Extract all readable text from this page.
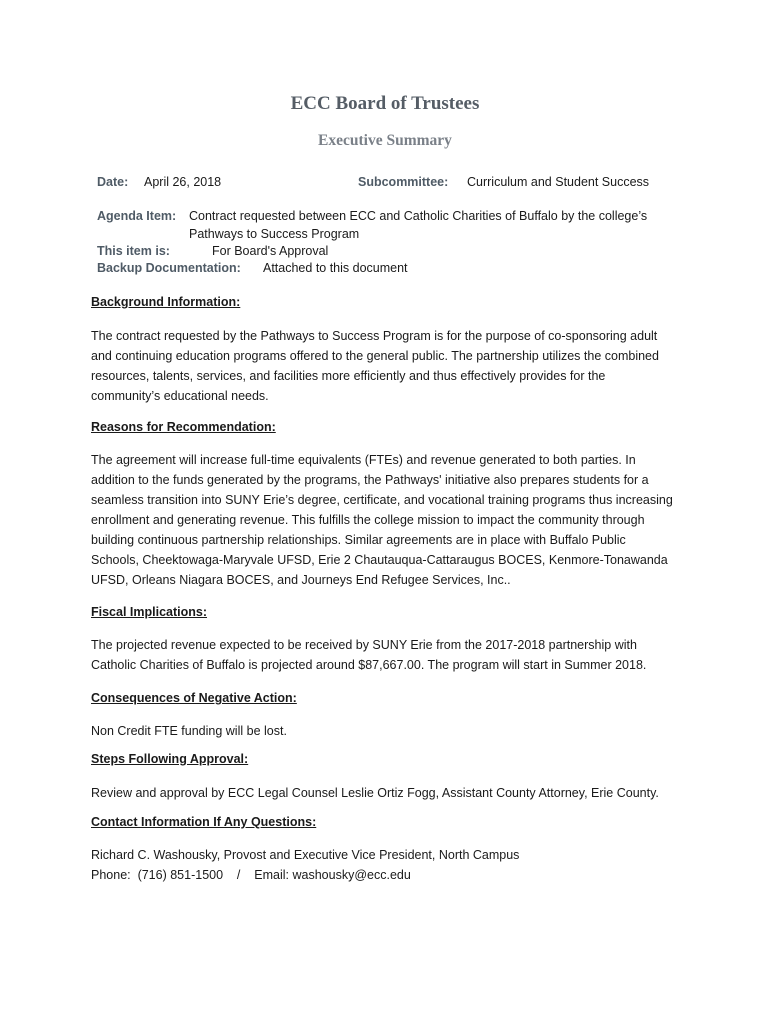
ECC Board of Trustees
Executive Summary
Date: April 26, 2018	Subcommittee: Curriculum and Student Success
Agenda Item: Contract requested between ECC and Catholic Charities of Buffalo by the college’s
Pathways to Success Program
This item is:	For Board's Approval
Backup Documentation: Attached to this document
Background Information:
The contract requested by the Pathways to Success Program is for the purpose of co-sponsoring adult
and continuing education programs offered to the general public. The partnership utilizes the combined
resources, talents, services, and facilities more efficiently and thus effectively provides for the
community’s educational needs.
Reasons for Recommendation:
The agreement will increase full-time equivalents (FTEs) and revenue generated to both parties. In
addition to the funds generated by the programs, the Pathways' initiative also prepares students for a
seamless transition into SUNY Erie’s degree, certificate, and vocational training programs thus increasing
enrollment and generating revenue. This fulfills the college mission to impact the community through
building continuous partnership relationships. Similar agreements are in place with Buffalo Public
Schools, Cheektowaga-Maryvale UFSD, Erie 2 Chautauqua-Cattaraugus BOCES, Kenmore-Tonawanda
UFSD, Orleans Niagara BOCES, and Journeys End Refugee Services, Inc..
Fiscal Implications:
The projected revenue expected to be received by SUNY Erie from the 2017-2018 partnership with
Catholic Charities of Buffalo is projected around $87,667.00. The program will start in Summer 2018.
Consequences of Negative Action:
Non Credit FTE funding will be lost.
Steps Following Approval:
Review and approval by ECC Legal Counsel Leslie Ortiz Fogg, Assistant County Attorney, Erie County.
Contact Information If Any Questions:
Richard C. Washousky, Provost and Executive Vice President, North Campus
Phone:  (716) 851-1500    /    Email: washousky@ecc.edu
